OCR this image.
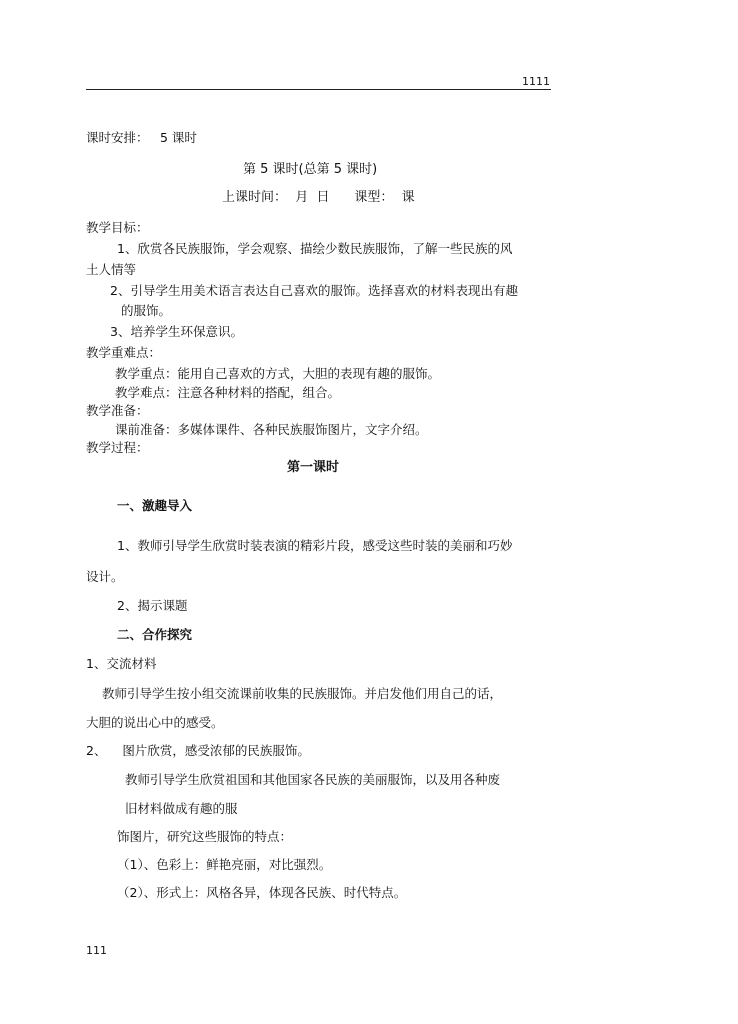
1111
课时安排： 5 课时
第 5 课时(总第 5 课时)
上课时间：  月  日      课型：  课
教学目标：
1、欣赏各民族服饰，学会观察、描绘少数民族服饰，了解一些民族的风
土人情等
2、引导学生用美术语言表达自己喜欢的服饰。选择喜欢的材料表现出有趣
的服饰。
3、培养学生环保意识。
教学重难点：
教学重点：能用自己喜欢的方式，大胆的表现有趣的服饰。
教学难点：注意各种材料的搭配，组合。
教学准备：
课前准备：多媒体课件、各种民族服饰图片，文字介绍。
教学过程：
第一课时
一、激趣导入
1、教师引导学生欣赏时装表演的精彩片段，感受这些时装的美丽和巧妙
设计。
2、揭示课题
二、合作探究
1、交流材料
教师引导学生按小组交流课前收集的民族服饰。并启发他们用自己的话，
大胆的说出心中的感受。
2、    图片欣赏，感受浓郁的民族服饰。
教师引导学生欣赏祖国和其他国家各民族的美丽服饰，以及用各种废
旧材料做成有趣的服
饰图片，研究这些服饰的特点：
（1）、色彩上：鲜艳亮丽，对比强烈。
（2）、形式上：风格各异，体现各民族、时代特点。
111
